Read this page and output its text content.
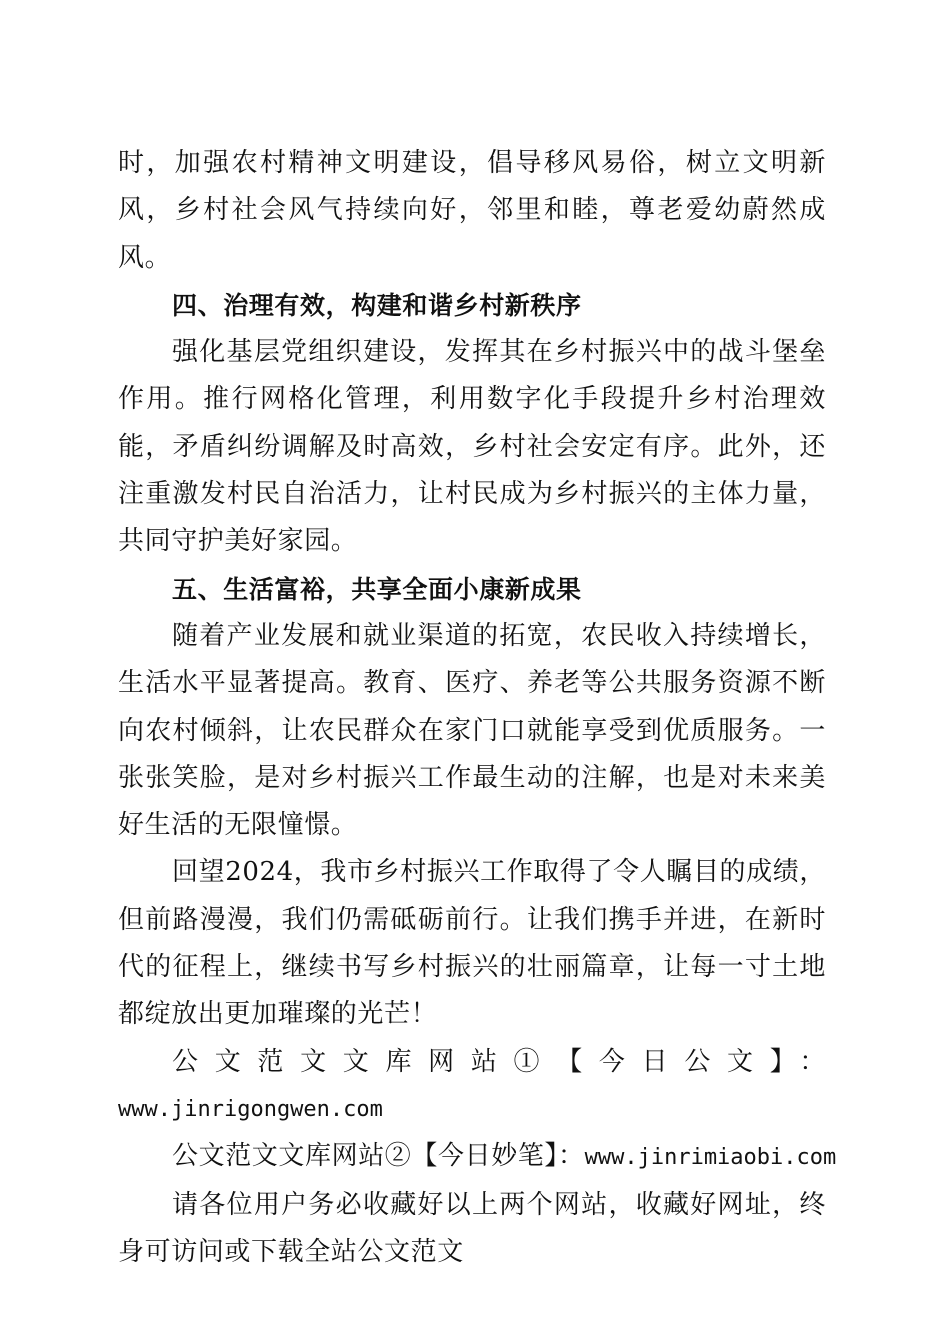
时，加强农村精神文明建设，倡导移风易俗，树立文明新风，乡村社会风气持续向好，邻里和睦，尊老爱幼蔚然成风。

四、治理有效，构建和谐乡村新秩序

强化基层党组织建设，发挥其在乡村振兴中的战斗堡垒作用。推行网格化管理，利用数字化手段提升乡村治理效能，矛盾纠纷调解及时高效，乡村社会安定有序。此外，还注重激发村民自治活力，让村民成为乡村振兴的主体力量，共同守护美好家园。

五、生活富裕，共享全面小康新成果

随着产业发展和就业渠道的拓宽，农民收入持续增长，生活水平显著提高。教育、医疗、养老等公共服务资源不断向农村倾斜，让农民群众在家门口就能享受到优质服务。一张张笑脸，是对乡村振兴工作最生动的注解，也是对未来美好生活的无限憧憬。

回望2024，我市乡村振兴工作取得了令人瞩目的成绩，但前路漫漫，我们仍需砥砺前行。让我们携手并进，在新时代的征程上，继续书写乡村振兴的壮丽篇章，让每一寸土地都绽放出更加璀璨的光芒！

公文范文文库网站①【今日公文】：

www.jinrigongwen.com

公文范文文库网站②【今日妙笔】：www.jinrimiaobi.com

请各位用户务必收藏好以上两个网站，收藏好网址，终身可访问或下载全站公文范文
